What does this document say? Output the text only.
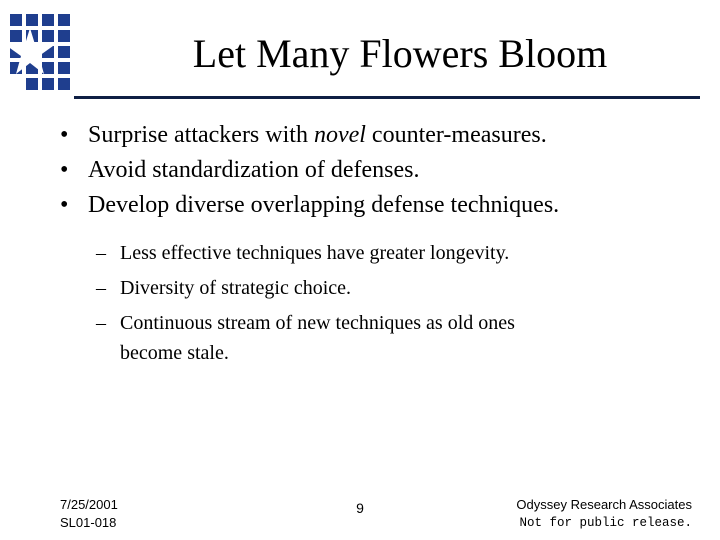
Let Many Flowers Bloom
• Surprise attackers with novel counter-measures.
• Avoid standardization of defenses.
• Develop diverse overlapping defense techniques.
– Less effective techniques have greater longevity.
– Diversity of strategic choice.
– Continuous stream of new techniques as old ones
become stale.
7/25/2001
SL01-018
9	Odyssey Research Associates
Not for public release.
